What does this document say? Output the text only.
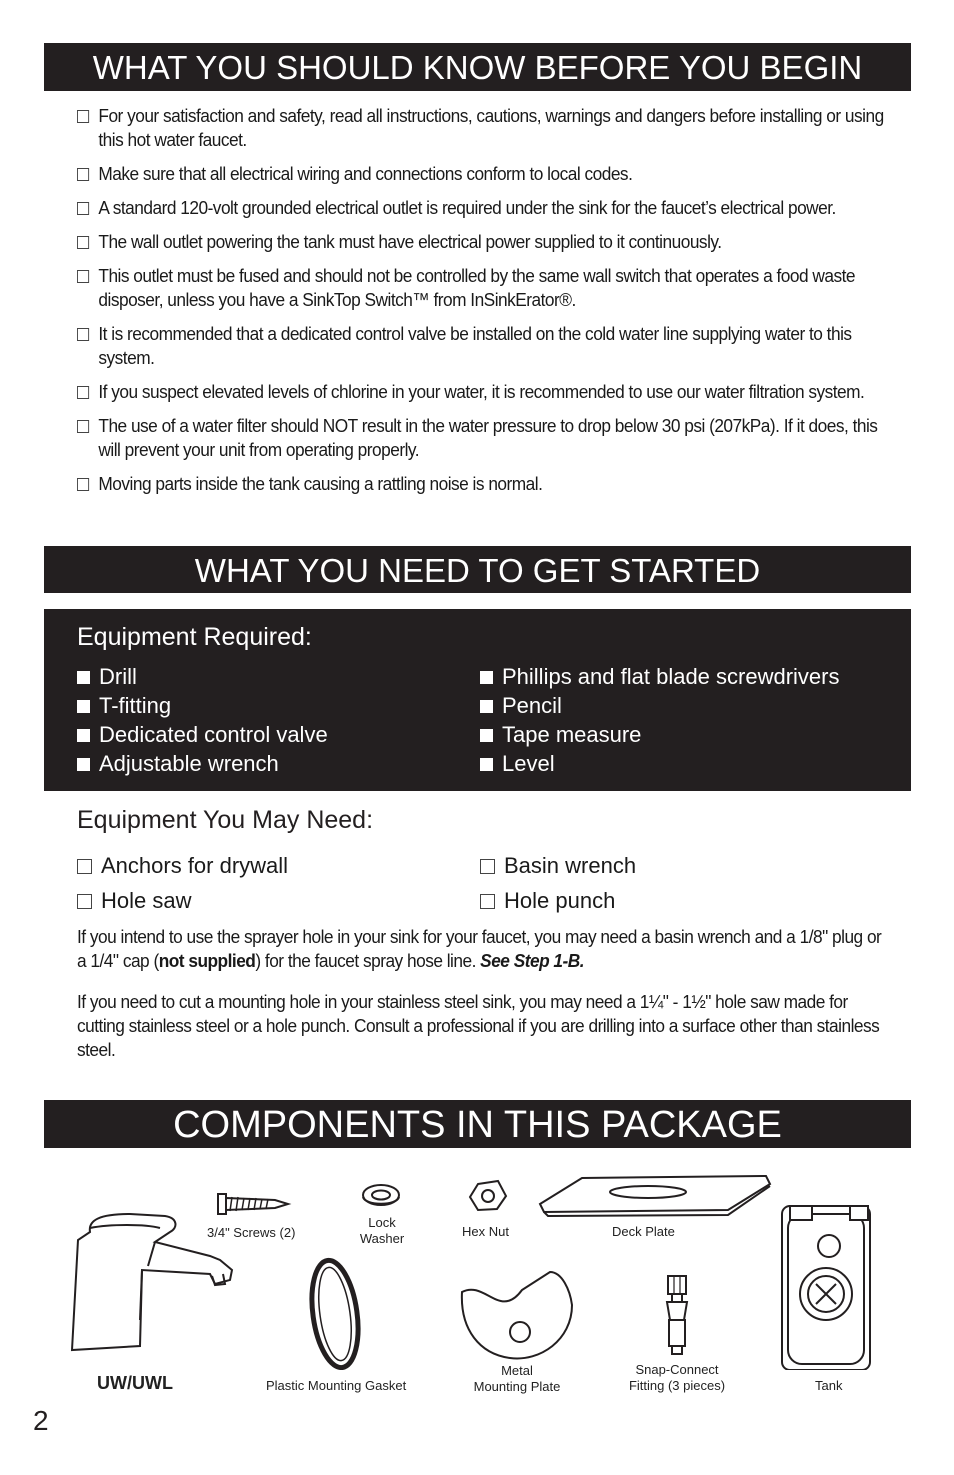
WHAT YOU SHOULD KNOW BEFORE YOU BEGIN
For your satisfaction and safety, read all instructions, cautions, warnings and dangers before installing or using this hot water faucet.
Make sure that all electrical wiring and connections conform to local codes.
A standard 120-volt grounded electrical outlet is required under the sink for the faucet’s electrical power.
The wall outlet powering the tank must have electrical power supplied to it continuously.
This outlet must be fused and should not be controlled by the same wall switch that operates a food waste disposer, unless you have a SinkTop Switch™ from InSinkErator®.
It is recommended that a dedicated control valve be installed on the cold water line supplying water to this system.
If you suspect elevated levels of chlorine in your water, it is recommended to use our water filtration system.
The use of a water filter should NOT result in the water pressure to drop below 30 psi (207kPa). If it does, this will prevent your unit from operating properly.
Moving parts inside the tank causing a rattling noise is normal.
WHAT YOU NEED TO GET STARTED
Equipment Required:
Drill
T-fitting
Dedicated control valve
Adjustable wrench
Phillips and flat blade screwdrivers
Pencil
Tape measure
Level
Equipment You May Need:
Anchors for drywall
Hole saw
Basin wrench
Hole punch

If you intend to use the sprayer hole in your sink for your faucet, you may need a basin wrench and a 1/8" plug or a 1/4" cap (not supplied) for the faucet spray hose line. See Step 1-B.

If you need to cut a mounting hole in your stainless steel sink, you may need a 1¼" - 1½" hole saw made for cutting stainless steel or a hole punch. Consult a professional if you are drilling into a surface other than stainless steel.

COMPONENTS IN THIS PACKAGE
UW/UWL
3/4" Screws (2)
Lock
Washer	Hex Nut	Deck Plate
Plastic Mounting Gasket
Metal
Mounting Plate
Snap-Connect
Fitting (3 pieces)	Tank
2
